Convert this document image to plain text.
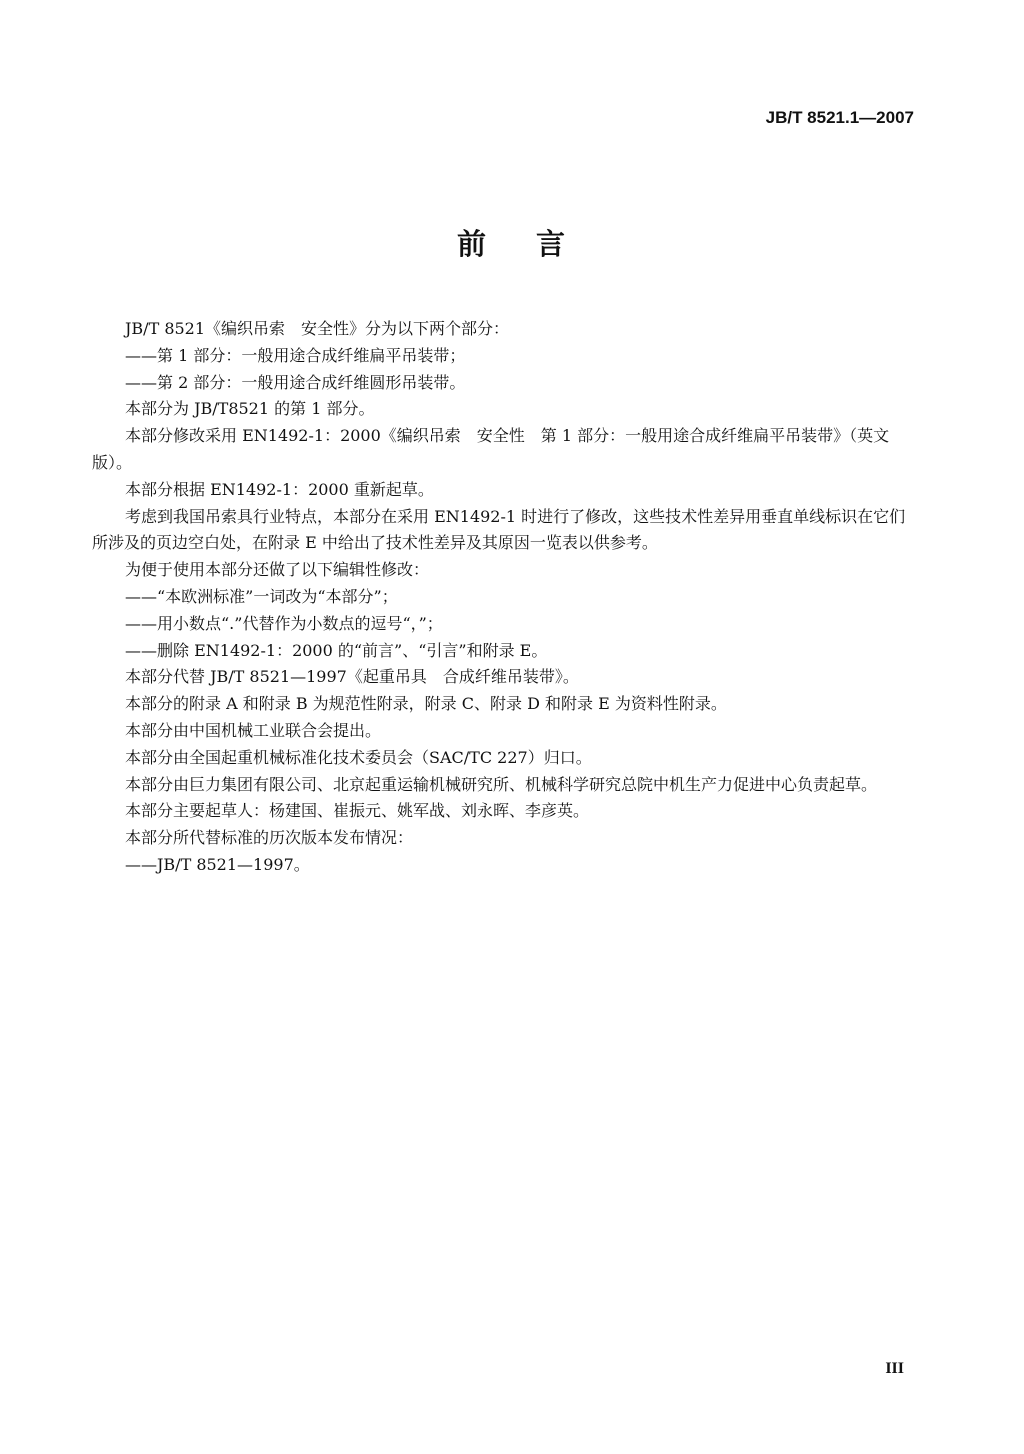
JB/T 8521.1—2007
前 言

JB/T 8521《编织吊索　安全性》分为以下两个部分：

——第 1 部分：一般用途合成纤维扁平吊装带；

——第 2 部分：一般用途合成纤维圆形吊装带。

本部分为 JB/T8521 的第 1 部分。

本部分修改采用 EN1492-1：2000《编织吊索　安全性　第 1 部分：一般用途合成纤维扁平吊装带》（英文版）。

本部分根据 EN1492-1：2000 重新起草。

考虑到我国吊索具行业特点，本部分在采用 EN1492-1 时进行了修改，这些技术性差异用垂直单线标识在它们所涉及的页边空白处，在附录 E 中给出了技术性差异及其原因一览表以供参考。

为便于使用本部分还做了以下编辑性修改：

——“本欧洲标准”一词改为“本部分”；

——用小数点“.”代替作为小数点的逗号“，”；

——删除 EN1492-1：2000 的“前言”、“引言”和附录 E。

本部分代替 JB/T 8521—1997《起重吊具　合成纤维吊装带》。

本部分的附录 A 和附录 B 为规范性附录，附录 C、附录 D 和附录 E 为资料性附录。

本部分由中国机械工业联合会提出。

本部分由全国起重机械标准化技术委员会（SAC/TC 227）归口。

本部分由巨力集团有限公司、北京起重运输机械研究所、机械科学研究总院中机生产力促进中心负责起草。

本部分主要起草人：杨建国、崔振元、姚军战、刘永晖、李彦英。

本部分所代替标准的历次版本发布情况：

——JB/T 8521—1997。

III
